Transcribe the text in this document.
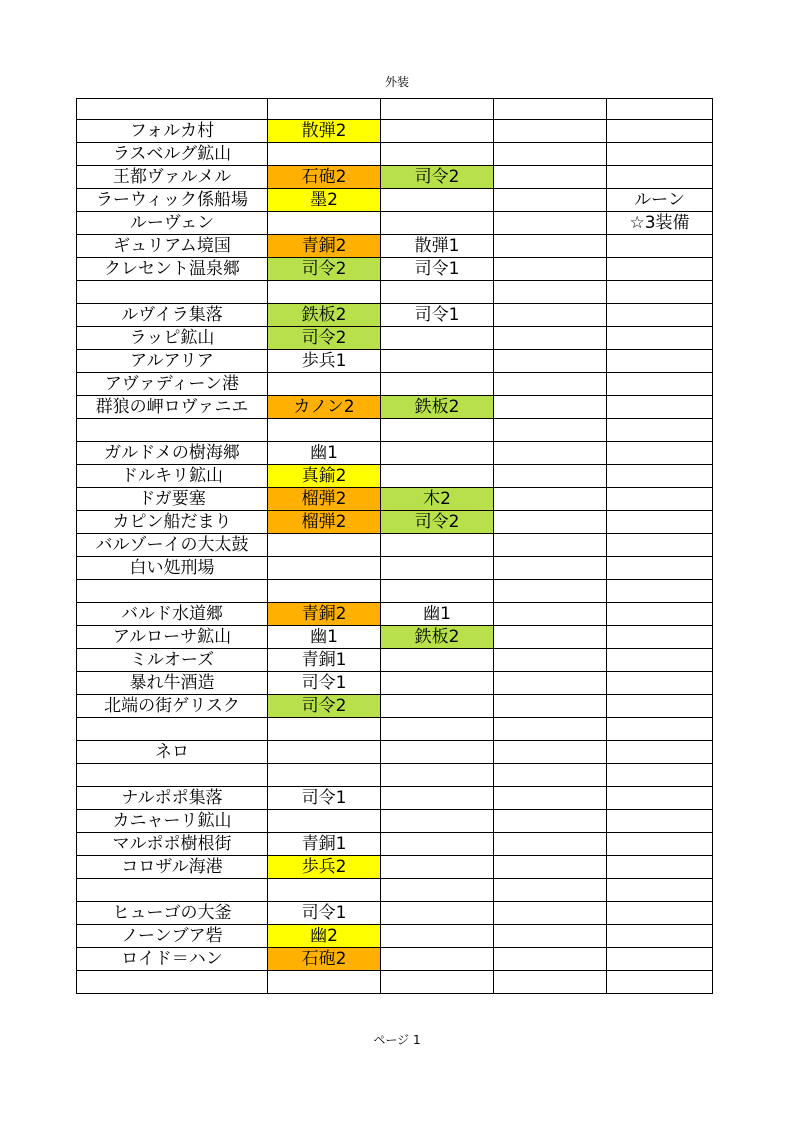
外装

フォルカ村	散弾2			
ラスベルグ鉱山				
王都ヴァルメル	石砲2	司令2		
ラーウィック係船場	墨2			ルーン
ルーヴェン				☆3装備
ギュリアム境国	青銅2	散弾1		
クレセント温泉郷	司令2	司令1		

ルヴイラ集落	鉄板2	司令1		
ラッピ鉱山	司令2			
アルアリア	歩兵1			
アヴァディーン港				
群狼の岬ロヴァニエ	カノン2	鉄板2		

ガルドメの樹海郷	幽1			
ドルキリ鉱山	真鍮2			
ドガ要塞	榴弾2	木2		
カピン船だまり	榴弾2	司令2		
バルゾーイの大太鼓				
白い処刑場				

バルド水道郷	青銅2	幽1		
アルローサ鉱山	幽1	鉄板2		
ミルオーズ	青銅1			
暴れ牛酒造	司令1			
北端の街ゲリスク	司令2			

ネロ				

ナルポポ集落	司令1			
カニャーリ鉱山				
マルポポ樹根街	青銅1			
コロザル海港	歩兵2			

ヒューゴの大釜	司令1			
ノーンブア砦	幽2			
ロイド＝ハン	石砲2			

ページ 1
